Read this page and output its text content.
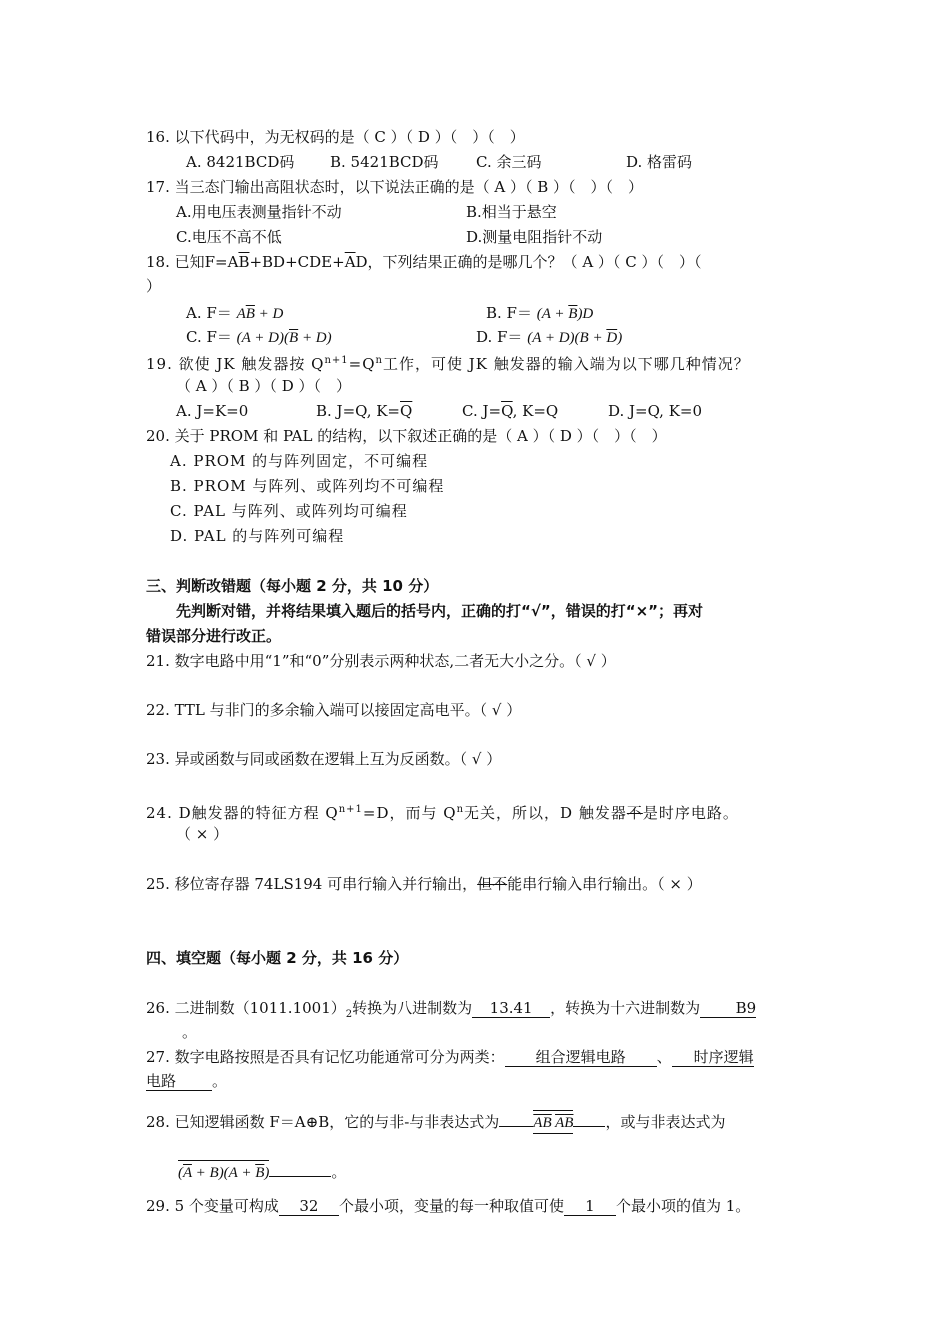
16. 以下代码中，为无权码的是（ C ）（ D ）（　）（　）
A. 8421BCD码 B. 5421BCD码 C. 余三码	D. 格雷码
17. 当三态门输出高阻状态时，以下说法正确的是（ A ）（ B ）（　）（　）
A.用电压表测量指针不动	B.相当于悬空
C.电压不高不低	D.测量电阻指针不动
18. 已知$F=A\overline{B}+BD+CDE+\overline{A}D$，下列结果正确的是哪几个？（ A ）（ C ）（　）（
）
A. $F= A\overline{B} + D$	B. $F= (A + \overline{B})D$
C. $F= (A + D)(\overline{B} + D)$	D. $F= (A + D)(B + \overline{D})$
19. 欲使 JK 触发器按 $Q^{n+1}=Q^n$工作，可使 JK 触发器的输入端为以下哪几种情况？
（ A ）（ B ）（ D ）（　）
A. J=K=0	B. J=Q, $K=\overline{Q}$	C. $J=\overline{Q}$, K=Q	D. J=Q, K=0
20. 关于 PROM 和 PAL 的结构，以下叙述正确的是（ A ）（ D ）（　）（　）
A. PROM 的与阵列固定，不可编程
B. PROM 与阵列、或阵列均不可编程
C. PAL 与阵列、或阵列均可编程
D. PAL 的与阵列可编程
三、判断改错题（每小题 2 分，共 10 分）
先判断对错，并将结果填入题后的括号内，正确的打“√”，错误的打“×”；再对
错误部分进行改正。
21. 数字电路中用“1”和“0”分别表示两种状态,二者无大小之分。（ √ ）
22. TTL 与非门的多余输入端可以接固定高电平。（ √ ）
23. 异或函数与同或函数在逻辑上互为反函数。（ √ ）
24. D触发器的特征方程 $Q^{n+1}=D$，而与 $Q^n$无关，所以，D 触发器不是时序电路。
（ × ）
25. 移位寄存器 74LS194 可串行输入并行输出，但不能串行输入串行输出。（ × ）
四、填空题（每小题 2 分，共 16 分）
26. 二进制数$(1011.1001)_2$转换为八进制数为 13.41 ，转换为十六进制数为 B9
。
27. 数字电路按照是否具有记忆功能通常可分为两类： 组合逻辑电路 、 时序逻辑
电路 。
28. 已知逻辑函数 F＝A⊕B，它的与非-与非表达式为 AB AB ，或与非表达式为
$(\overline{A} + B)(A + \overline{B})$	。
29. 5 个变量可构成 32 个最小项，变量的每一种取值可使 1 个最小项的值为 1。
